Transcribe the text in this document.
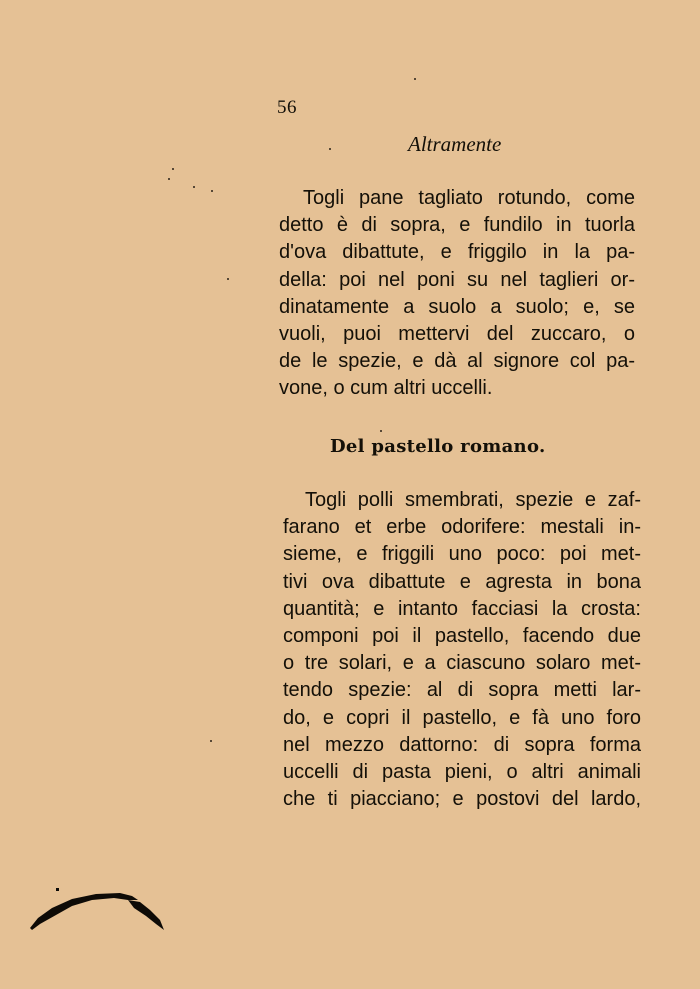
56
Altramente
Togli pane tagliato rotundo, come
detto è di sopra, e fundilo in tuorla
d'ova dibattute, e friggilo in la pa-
della: poi nel poni su nel taglieri or-
dinatamente a suolo a suolo; e, se
vuoli, puoi mettervi del zuccaro, o
de le spezie, e dà al signore col pa-
vone, o cum altri uccelli.
Del pastello romano.
Togli polli smembrati, spezie e zaf-
farano et erbe odorifere: mestali in-
sieme, e friggili uno poco: poi met-
tivi ova dibattute e agresta in bona
quantità; e intanto facciasi la crosta:
componi poi il pastello, facendo due
o tre solari, e a ciascuno solaro met-
tendo spezie: al di sopra metti lar-
do, e copri il pastello, e fà uno foro
nel mezzo dattorno: di sopra forma
uccelli di pasta pieni, o altri animali
che ti piacciano; e postovi del lardo,
